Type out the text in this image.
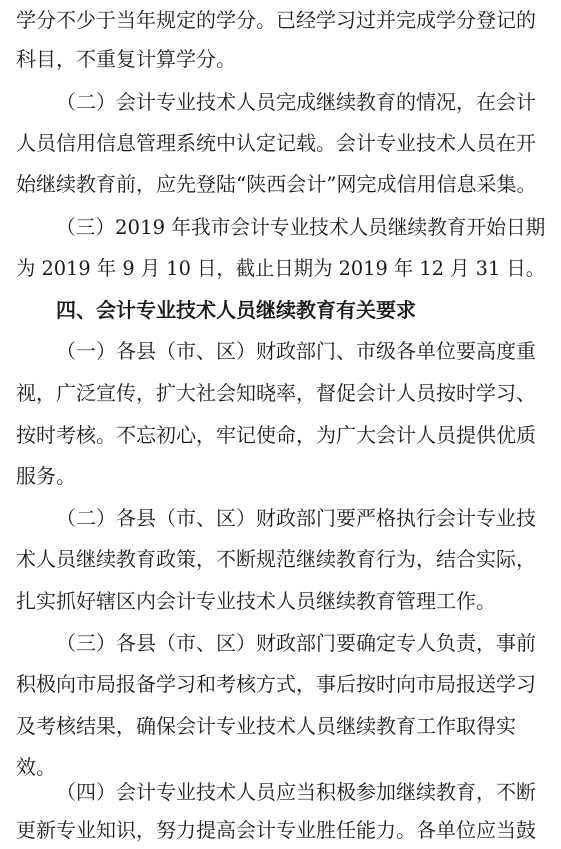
学分不少于当年规定的学分。已经学习过并完成学分登记的
科目，不重复计算学分。
（二）会计专业技术人员完成继续教育的情况，在会计
人员信用信息管理系统中认定记载。会计专业技术人员在开
始继续教育前，应先登陆“陕西会计”网完成信用信息采集。
（三）2019 年我市会计专业技术人员继续教育开始日期
为 2019 年 9 月 10 日，截止日期为 2019 年 12 月 31 日。
四、会计专业技术人员继续教育有关要求
（一）各县（市、区）财政部门、市级各单位要高度重
视，广泛宣传，扩大社会知晓率，督促会计人员按时学习、
按时考核。不忘初心，牢记使命，为广大会计人员提供优质
服务。
（二）各县（市、区）财政部门要严格执行会计专业技
术人员继续教育政策，不断规范继续教育行为，结合实际，
扎实抓好辖区内会计专业技术人员继续教育管理工作。
（三）各县（市、区）财政部门要确定专人负责，事前
积极向市局报备学习和考核方式，事后按时向市局报送学习
及考核结果，确保会计专业技术人员继续教育工作取得实
效。
（四）会计专业技术人员应当积极参加继续教育，不断
更新专业知识，努力提高会计专业胜任能力。各单位应当鼓
